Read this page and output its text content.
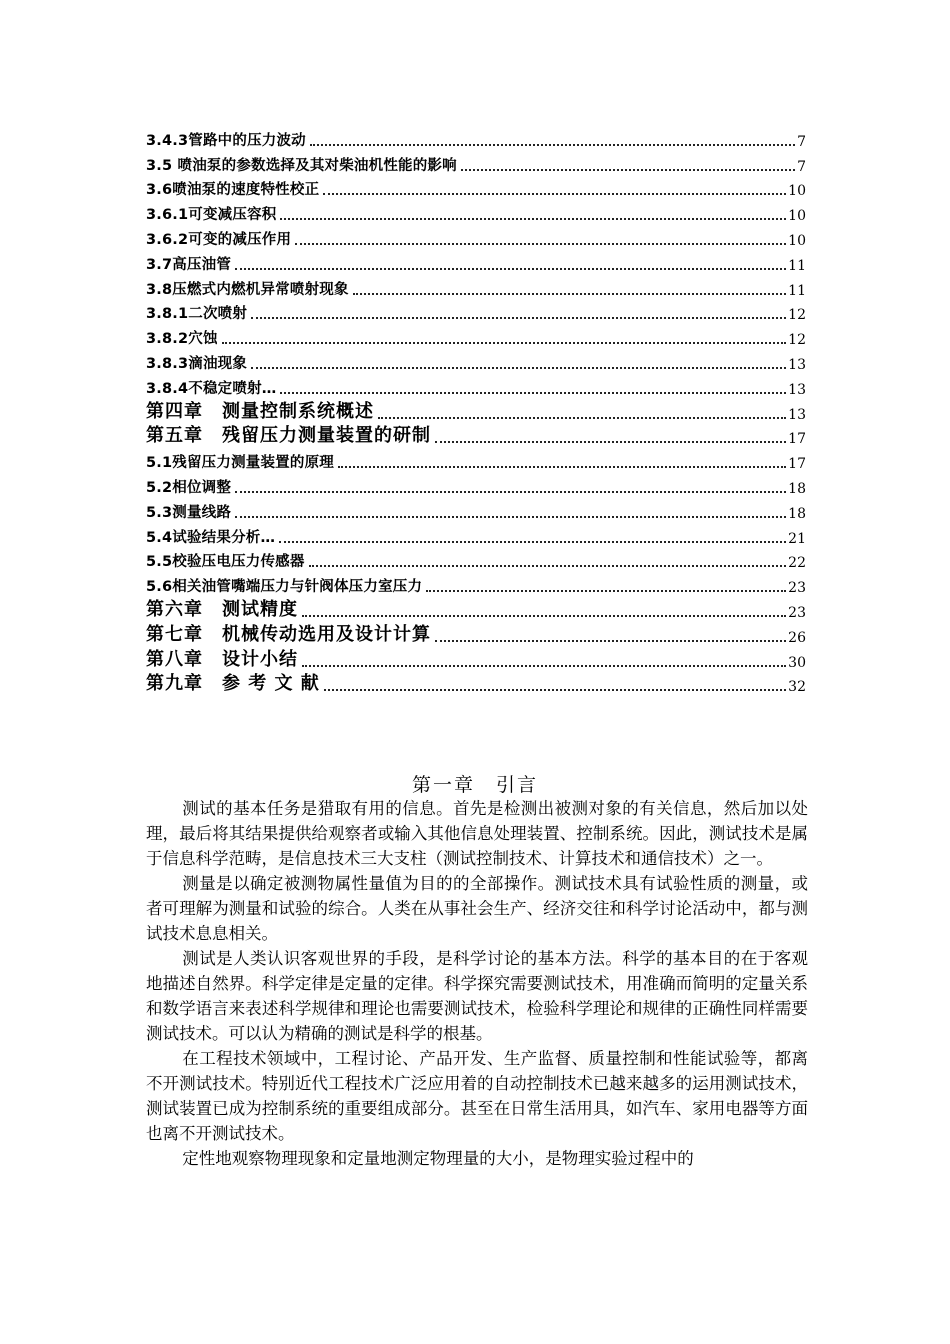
3.4.3管路中的压力波动	7
3.5 喷油泵的参数选择及其对柴油机性能的影响	7
3.6喷油泵的速度特性校正	10
3.6.1可变减压容积	10
3.6.2可变的减压作用	10
3.7高压油管	11
3.8压燃式内燃机异常喷射现象	11
3.8.1二次喷射	12
3.8.2穴蚀	12
3.8.3滴油现象	13
3.8.4不稳定喷射…	13
第四章　测量控制系统概述	13
第五章　残留压力测量装置的研制	17
5.1残留压力测量装置的原理	17
5.2相位调整	18
5.3测量线路	18
5.4试验结果分析…	21
5.5校验压电压力传感器	22
5.6相关油管嘴端压力与针阀体压力室压力	23
第六章　测试精度	23
第七章　机械传动选用及设计计算	26
第八章　设计小结	30
第九章　参 考 文 献	32
第一章　引言

测试的基本任务是猎取有用的信息。首先是检测出被测对象的有关信息，然后加以处理，最后将其结果提供给观察者或输入其他信息处理装置、控制系统。因此，测试技术是属于信息科学范畴，是信息技术三大支柱（测试控制技术、计算技术和通信技术）之一。

测量是以确定被测物属性量值为目的的全部操作。测试技术具有试验性质的测量，或者可理解为测量和试验的综合。人类在从事社会生产、经济交往和科学讨论活动中，都与测试技术息息相关。

测试是人类认识客观世界的手段，是科学讨论的基本方法。科学的基本目的在于客观地描述自然界。科学定律是定量的定律。科学探究需要测试技术，用准确而简明的定量关系和数学语言来表述科学规律和理论也需要测试技术，检验科学理论和规律的正确性同样需要测试技术。可以认为精确的测试是科学的根基。

在工程技术领域中，工程讨论、产品开发、生产监督、质量控制和性能试验等，都离不开测试技术。特别近代工程技术广泛应用着的自动控制技术已越来越多的运用测试技术，测试装置已成为控制系统的重要组成部分。甚至在日常生活用具，如汽车、家用电器等方面也离不开测试技术。

定性地观察物理现象和定量地测定物理量的大小，是物理实验过程中的
